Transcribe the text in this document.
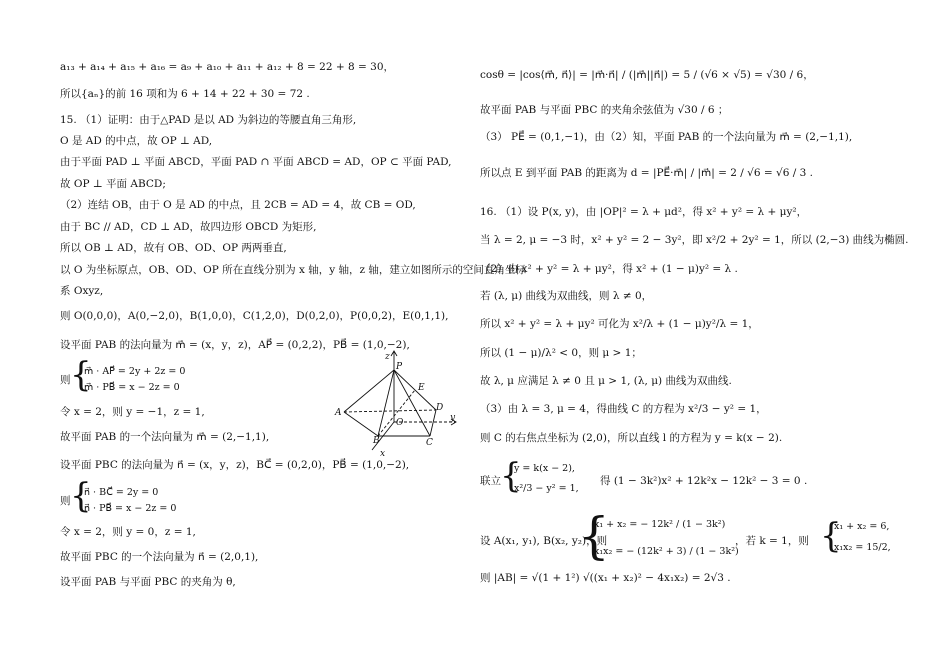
a₁₃ + a₁₄ + a₁₅ + a₁₆ = a₉ + a₁₀ + a₁₁ + a₁₂ + 8 = 22 + 8 = 30，
所以{aₙ}的前 16 项和为 6 + 14 + 22 + 30 = 72 .
15. （1）证明：由于△PAD 是以 AD 为斜边的等腰直角三角形,
O 是 AD 的中点，故 OP ⊥ AD,
由于平面 PAD ⊥ 平面 ABCD，平面 PAD ∩ 平面 ABCD = AD，OP ⊂ 平面 PAD,
故 OP ⊥ 平面 ABCD;
（2）连结 OB，由于 O 是 AD 的中点，且 2CB = AD = 4，故 CB = OD,
由于 BC // AD，CD ⊥ AD，故四边形 OBCD 为矩形,
所以 OB ⊥ AD，故有 OB、OD、OP 两两垂直,
以 O 为坐标原点，OB、OD、OP 所在直线分别为 x 轴，y 轴，z 轴，建立如图所示的空间直角坐标
系 Oxyz,
则 O(0,0,0)，A(0,−2,0)，B(1,0,0)，C(1,2,0)，D(0,2,0)，P(0,0,2)，E(0,1,1),
设平面 PAB 的法向量为 m⃗ = (x，y，z)，AP⃗ = (0,2,2)，PB⃗ = (1,0,−2),
则 {
m⃗ · AP⃗ = 2y + 2z = 0
m⃗ · PB⃗ = x − 2z = 0
令 x = 2，则 y = −1，z = 1,
故平面 PAB 的一个法向量为 m⃗ = (2,−1,1),
设平面 PBC 的法向量为 n⃗ = (x，y，z)，BC⃗ = (0,2,0)，PB⃗ = (1,0,−2),
则 {
n⃗ · BC⃗ = 2y = 0
n⃗ · PB⃗ = x − 2z = 0
令 x = 2，则 y = 0，z = 1,
故平面 PBC 的一个法向量为 n⃗ = (2,0,1),
设平面 PAB 与平面 PBC 的夹角为 θ,
z
P
E
A	D
O	y
B	C
x
cosθ = |cos⟨m⃗, n⃗⟩| = |m⃗·n⃗| / (|m⃗||n⃗|) = 5 / (√6 × √5) = √30 / 6，
故平面 PAB 与平面 PBC 的夹角余弦值为 √30 / 6 ；
（3） PE⃗ = (0,1,−1)，由（2）知，平面 PAB 的一个法向量为 m⃗ = (2,−1,1),
所以点 E 到平面 PAB 的距离为 d = |PE⃗·m⃗| / |m⃗| = 2 / √6 = √6 / 3 .
16. （1）设 P(x, y)，由 |OP|² = λ + μd²，得 x² + y² = λ + μy²，
当 λ = 2, μ = −3 时，x² + y² = 2 − 3y²，即 x²/2 + 2y² = 1，所以 (2,−3) 曲线为椭圆.
（2）由 x² + y² = λ + μy²，得 x² + (1 − μ)y² = λ .
若 (λ, μ) 曲线为双曲线，则 λ ≠ 0，
所以 x² + y² = λ + μy² 可化为 x²/λ + (1 − μ)y²/λ = 1，
所以 (1 − μ)/λ² < 0，则 μ > 1；
故 λ, μ 应满足 λ ≠ 0 且 μ > 1, (λ, μ) 曲线为双曲线.
（3）由 λ = 3, μ = 4，得曲线 C 的方程为 x²/3 − y² = 1，
则 C 的右焦点坐标为 (2,0)，所以直线 l 的方程为 y = k(x − 2).
联立 {
y = k(x − 2),
x²/3 − y² = 1,
得 (1 − 3k²)x² + 12k²x − 12k² − 3 = 0 .
设 A(x₁, y₁), B(x₂, y₂)，则
{
x₁ + x₂ = − 12k² / (1 − 3k²)
x₁x₂ = − (12k² + 3) / (1 − 3k²)
，若 k = 1，则 {
x₁ + x₂ = 6,
x₁x₂ = 15/2,
则 |AB| = √(1 + 1²) √((x₁ + x₂)² − 4x₁x₂) = 2√3 .
